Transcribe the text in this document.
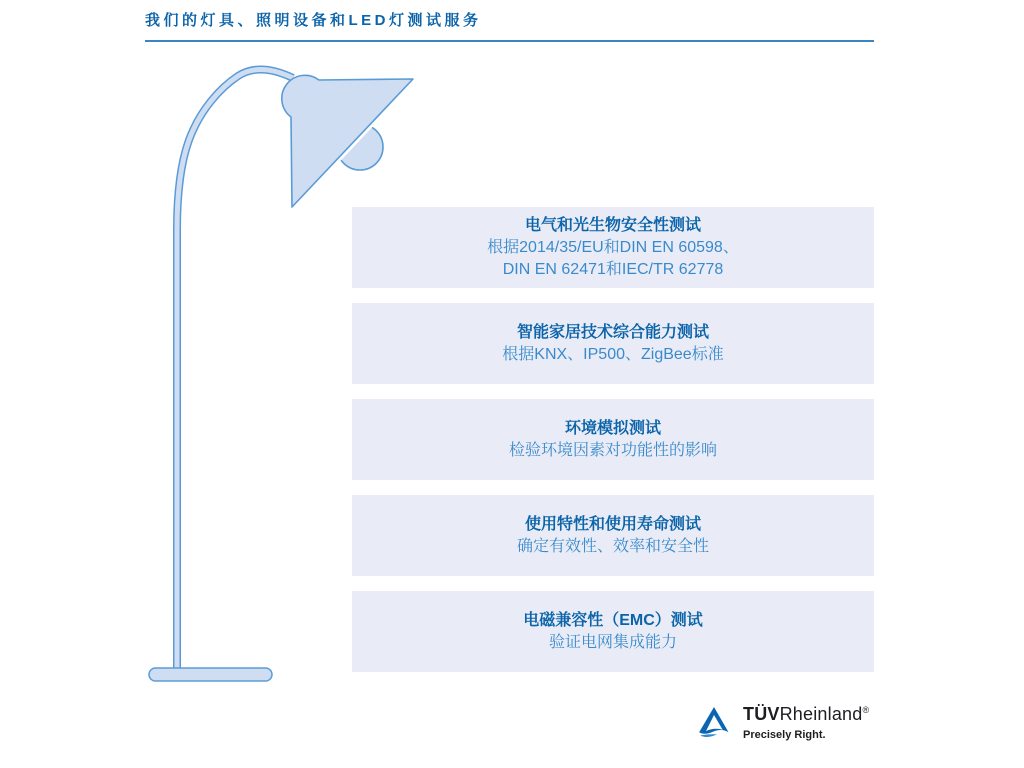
我们的灯具、照明设备和LED灯测试服务
电气和光生物安全性测试
根据2014/35/EU和DIN EN 60598、
DIN EN 62471和IEC/TR 62778
智能家居技术综合能力测试
根据KNX、IP500、ZigBee标准
环境模拟测试
检验环境因素对功能性的影响
使用特性和使用寿命测试
确定有效性、效率和安全性
电磁兼容性（EMC）测试
验证电网集成能力
TÜVRheinland®
Precisely Right.
